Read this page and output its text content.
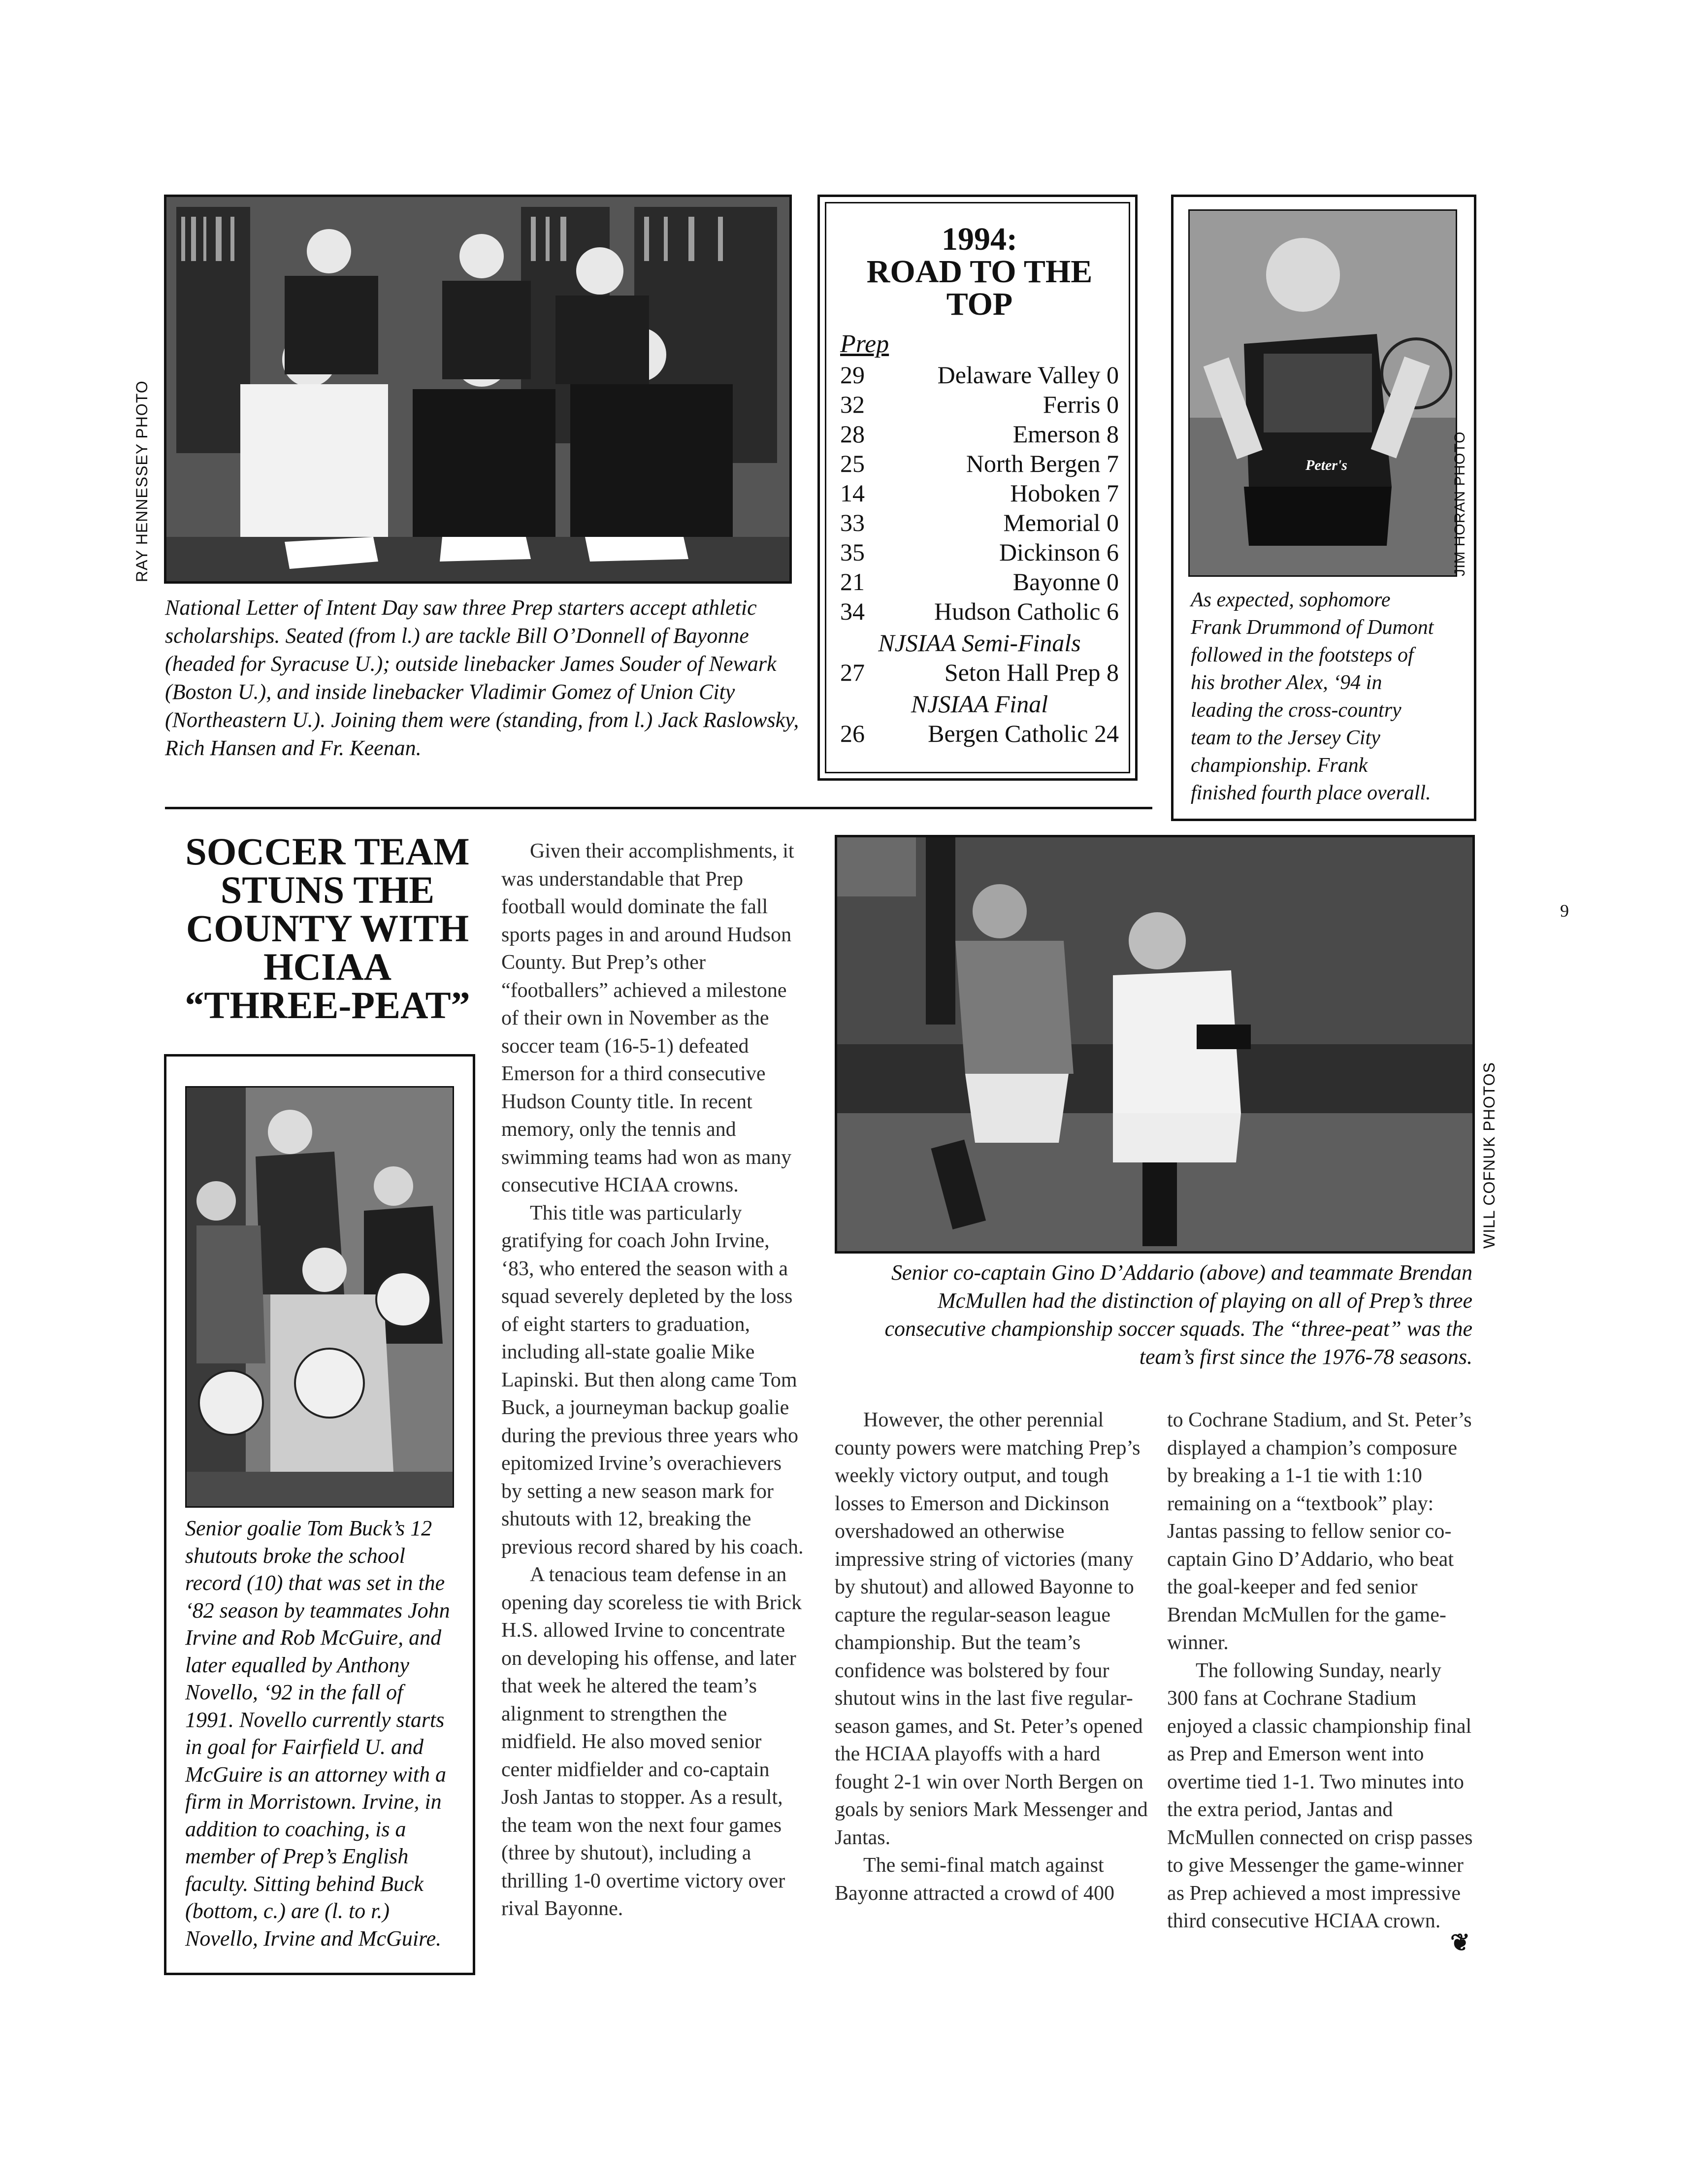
RAY HENNESSEY PHOTO
National Letter of Intent Day saw three Prep starters accept athletic scholarships. Seated (from l.) are tackle Bill O’Donnell of Bayonne (headed for Syracuse U.); outside linebacker James Souder of Newark (Boston U.), and inside linebacker Vladimir Gomez of Union City (Northeastern U.). Joining them were (standing, from l.) Jack Raslowsky, Rich Hansen and Fr. Keenan.
1994:
ROAD TO THE TOP
Prep
29	Delaware Valley 0
32	Ferris 0
28	Emerson 8
25	North Bergen 7
14	Hoboken 7
33	Memorial 0
35	Dickinson 6
21	Bayonne 0
34	Hudson Catholic 6
NJSIAA Semi-Finals
27	Seton Hall Prep 8
NJSIAA Final
26	Bergen Catholic 24
Peter's
As expected, sophomore Frank Drummond of Dumont followed in the footsteps of his brother Alex, ‘94 in leading the cross-country team to the Jersey City championship. Frank finished fourth place overall.
JIM HORAN PHOTO
SOCCER TEAM
STUNS THE
COUNTY WITH
HCIAA
“THREE-PEAT”
Senior goalie Tom Buck’s 12 shutouts broke the school record (10) that was set in the ‘82 season by teammates John Irvine and Rob McGuire, and later equalled by Anthony Novello, ‘92 in the fall of 1991. Novello currently starts in goal for Fairfield U. and McGuire is an attorney with a firm in Morristown. Irvine, in addition to coaching, is a member of Prep’s English faculty. Sitting behind Buck (bottom, c.) are (l. to r.) Novello, Irvine and McGuire.
WILL COFNUK PHOTOS
Senior co-captain Gino D’Addario (above) and teammate Brendan McMullen had the distinction of playing on all of Prep’s three consecutive championship soccer squads. The “three-peat” was the team’s first since the 1976-78 seasons.

Given their accomplishments, it was understandable that Prep football would dominate the fall sports pages in and around Hudson County. But Prep’s other “footballers” achieved a milestone of their own in November as the soccer team (16-5-1) defeated Emerson for a third consecutive Hudson County title. In recent memory, only the tennis and swimming teams had won as many consecutive HCIAA crowns.

This title was particularly gratifying for coach John Irvine, ‘83, who entered the season with a squad severely depleted by the loss of eight starters to graduation, including all-state goalie Mike Lapinski. But then along came Tom Buck, a journeyman backup goalie during the previous three years who epitomized Irvine’s overachievers by setting a new season mark for shutouts with 12, breaking the previous record shared by his coach.

A tenacious team defense in an opening day scoreless tie with Brick H.S. allowed Irvine to concentrate on developing his offense, and later that week he altered the team’s alignment to strengthen the midfield. He also moved senior center midfielder and co-captain Josh Jantas to stopper. As a result, the team won the next four games (three by shutout), including a thrilling 1-0 overtime victory over rival Bayonne.

However, the other perennial county powers were matching Prep’s weekly victory output, and tough losses to Emerson and Dickinson overshadowed an otherwise impressive string of victories (many by shutout) and allowed Bayonne to capture the regular-season league championship. But the team’s confidence was bolstered by four shutout wins in the last five regular-season games, and St. Peter’s opened the HCIAA playoffs with a hard fought 2-1 win over North Bergen on goals by seniors Mark Messenger and Jantas.

The semi-final match against Bayonne attracted a crowd of 400

to Cochrane Stadium, and St. Peter’s displayed a champion’s composure by breaking a 1-1 tie with 1:10 remaining on a “textbook” play: Jantas passing to fellow senior co-captain Gino D’Addario, who beat the goal-keeper and fed senior Brendan McMullen for the game-winner.

The following Sunday, nearly 300 fans at Cochrane Stadium enjoyed a classic championship final as Prep and Emerson went into overtime tied 1-1. Two minutes into the extra period, Jantas and McMullen connected on crisp passes to give Messenger the game-winner as Prep achieved a most impressive third consecutive HCIAA crown.

❦
9
